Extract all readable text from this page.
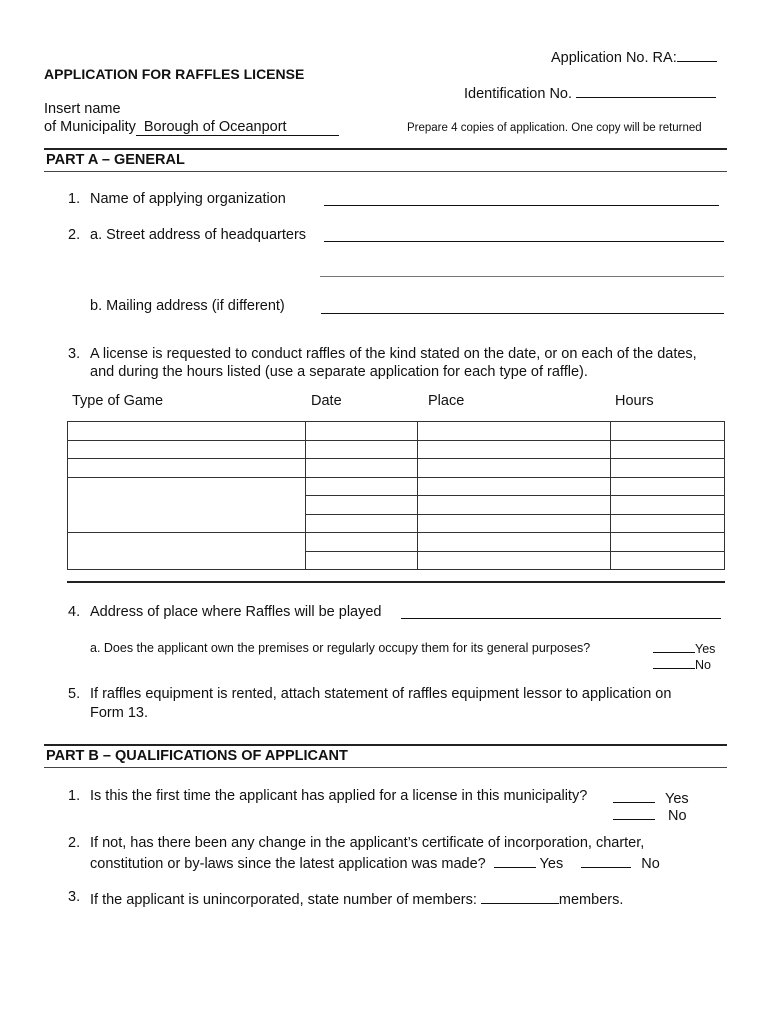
Application No. RA:
APPLICATION FOR RAFFLES LICENSE
Identification No.
Insert name
of Municipality Borough of Oceanport	Prepare 4 copies of application. One copy will be returned
PART A – GENERAL
1. Name of applying organization
2. a. Street address of headquarters
b. Mailing address (if different)
3. A license is requested to conduct raffles of the kind stated on the date, or on each of the dates,
and during the hours listed (use a separate application for each type of raffle).
Type of Game	Date	Place	Hours

4. Address of place where Raffles will be played
a. Does the applicant own the premises or regularly occupy them for its general purposes?	Yes
No
5. If raffles equipment is rented, attach statement of raffles equipment lessor to application on
Form 13.
PART B – QUALIFICATIONS OF APPLICANT
1. Is this the first time the applicant has applied for a license in this municipality?	Yes
No
2. If not, has there been any change in the applicant’s certificate of incorporation, charter,
constitution or by-laws since the latest application was made?	Yes	No
3. If the applicant is unincorporated, state number of members:	members.
